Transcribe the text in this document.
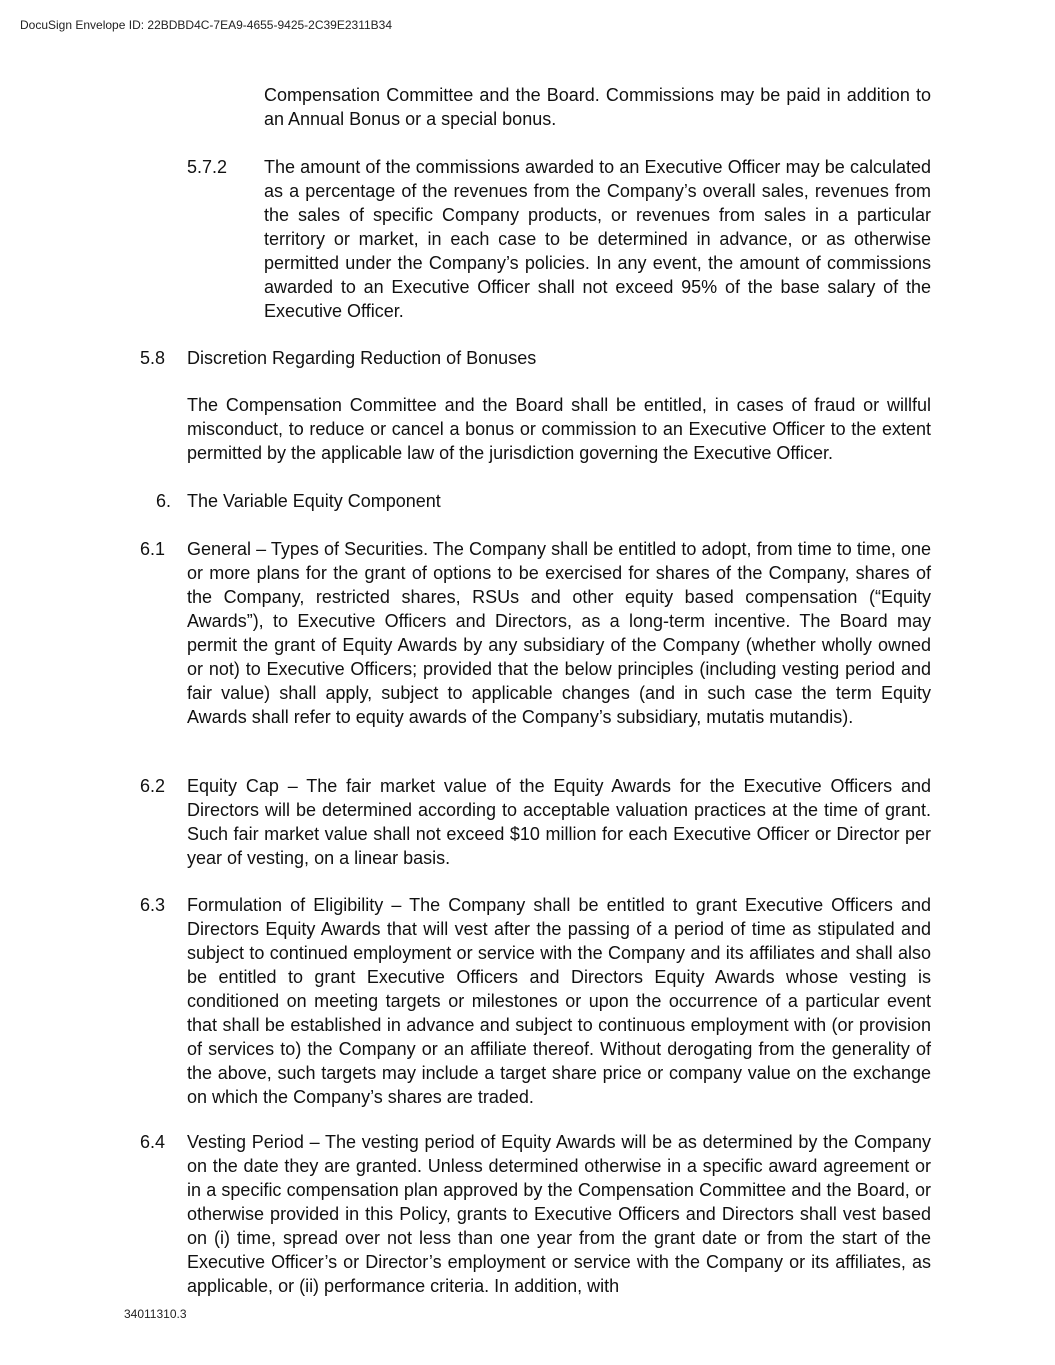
DocuSign Envelope ID: 22BDBD4C-7EA9-4655-9425-2C39E2311B34
Compensation Committee and the Board. Commissions may be paid in addition to an Annual Bonus or a special bonus.
5.7.2 The amount of the commissions awarded to an Executive Officer may be calculated as a percentage of the revenues from the Company’s overall sales, revenues from the sales of specific Company products, or revenues from sales in a particular territory or market, in each case to be determined in advance, or as otherwise permitted under the Company’s policies. In any event, the amount of commissions awarded to an Executive Officer shall not exceed 95% of the base salary of the Executive Officer.
5.8 Discretion Regarding Reduction of Bonuses
The Compensation Committee and the Board shall be entitled, in cases of fraud or willful misconduct, to reduce or cancel a bonus or commission to an Executive Officer to the extent permitted by the applicable law of the jurisdiction governing the Executive Officer.
6. The Variable Equity Component
6.1 General – Types of Securities. The Company shall be entitled to adopt, from time to time, one or more plans for the grant of options to be exercised for shares of the Company, shares of the Company, restricted shares, RSUs and other equity based compensation (“Equity Awards”), to Executive Officers and Directors, as a long-term incentive. The Board may permit the grant of Equity Awards by any subsidiary of the Company (whether wholly owned or not) to Executive Officers; provided that the below principles (including vesting period and fair value) shall apply, subject to applicable changes (and in such case the term Equity Awards shall refer to equity awards of the Company’s subsidiary, mutatis mutandis).
6.2 Equity Cap – The fair market value of the Equity Awards for the Executive Officers and Directors will be determined according to acceptable valuation practices at the time of grant. Such fair market value shall not exceed $10 million for each Executive Officer or Director per year of vesting, on a linear basis.
6.3 Formulation of Eligibility – The Company shall be entitled to grant Executive Officers and Directors Equity Awards that will vest after the passing of a period of time as stipulated and subject to continued employment or service with the Company and its affiliates and shall also be entitled to grant Executive Officers and Directors Equity Awards whose vesting is conditioned on meeting targets or milestones or upon the occurrence of a particular event that shall be established in advance and subject to continuous employment with (or provision of services to) the Company or an affiliate thereof. Without derogating from the generality of the above, such targets may include a target share price or company value on the exchange on which the Company’s shares are traded.
6.4 Vesting Period – The vesting period of Equity Awards will be as determined by the Company on the date they are granted. Unless determined otherwise in a specific award agreement or in a specific compensation plan approved by the Compensation Committee and the Board, or otherwise provided in this Policy, grants to Executive Officers and Directors shall vest based on (i) time, spread over not less than one year from the grant date or from the start of the Executive Officer’s or Director’s employment or service with the Company or its affiliates, as applicable, or (ii) performance criteria. In addition, with
34011310.3
